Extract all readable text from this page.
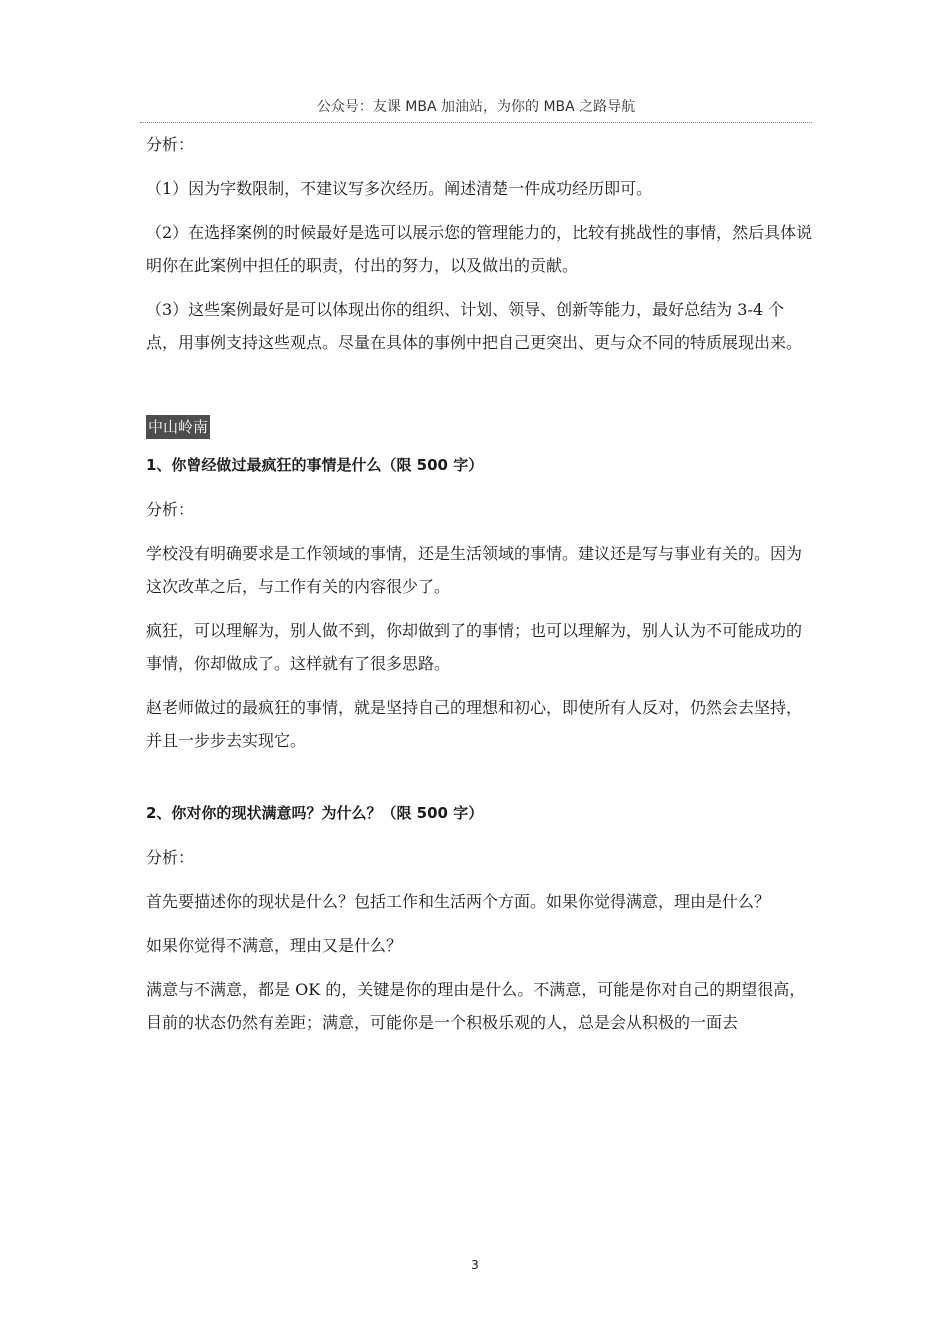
公众号：友课 MBA 加油站，为你的 MBA 之路导航

分析：

（1）因为字数限制，不建议写多次经历。阐述清楚一件成功经历即可。

（2）在选择案例的时候最好是选可以展示您的管理能力的，比较有挑战性的事情，然后具体说明你在此案例中担任的职责，付出的努力，以及做出的贡献。

（3）这些案例最好是可以体现出你的组织、计划、领导、创新等能力，最好总结为 3-4 个点，用事例支持这些观点。尽量在具体的事例中把自己更突出、更与众不同的特质展现出来。

中山岭南

1、你曾经做过最疯狂的事情是什么（限 500 字）

分析：

学校没有明确要求是工作领域的事情，还是生活领域的事情。建议还是写与事业有关的。因为这次改革之后，与工作有关的内容很少了。

疯狂，可以理解为，别人做不到，你却做到了的事情；也可以理解为，别人认为不可能成功的事情，你却做成了。这样就有了很多思路。

赵老师做过的最疯狂的事情，就是坚持自己的理想和初心，即使所有人反对，仍然会去坚持，并且一步步去实现它。

2、你对你的现状满意吗？为什么？（限 500 字）

分析：

首先要描述你的现状是什么？包括工作和生活两个方面。如果你觉得满意，理由是什么？

如果你觉得不满意，理由又是什么？

满意与不满意，都是 OK 的，关键是你的理由是什么。不满意，可能是你对自己的期望很高，目前的状态仍然有差距；满意，可能你是一个积极乐观的人，总是会从积极的一面去

3
